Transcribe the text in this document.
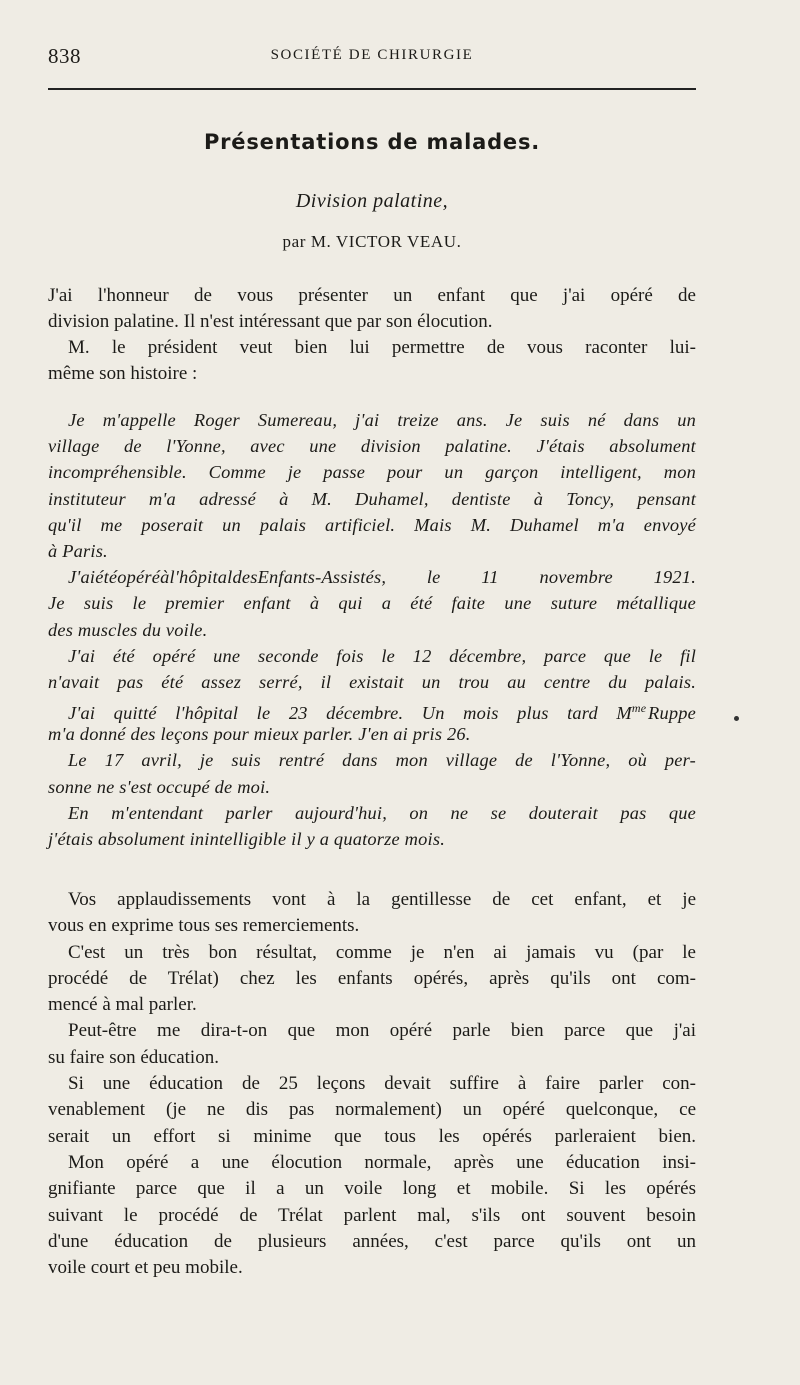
838	SOCIÉTÉ DE CHIRURGIE
Présentations de malades.
Division palatine,
par M. VICTOR VEAU.
J'ai l'honneur de vous présenter un enfant que j'ai opéré de
division palatine. Il n'est intéressant que par son élocution.
M. le président veut bien lui permettre de vous raconter lui-
même son histoire :
Je m'appelle Roger Sumereau, j'ai treize ans. Je suis né dans un
village de l'Yonne, avec une division palatine. J'étais absolument
incompréhensible. Comme je passe pour un garçon intelligent, mon
instituteur m'a adressé à M. Duhamel, dentiste à Toncy, pensant
qu'il me poserait un palais artificiel. Mais M. Duhamel m'a envoyé
à Paris.
J'aiétéopéréàl'hôpitaldesEnfants-Assistés, le 11 novembre 1921.
Je suis le premier enfant à qui a été faite une suture métallique
des muscles du voile.
J'ai été opéré une seconde fois le 12 décembre, parce que le fil
n'avait pas été assez serré, il existait un trou au centre du palais.
J'ai quitté l'hôpital le 23 décembre. Un mois plus tard $M^{me}$ Ruppe
m'a donné des leçons pour mieux parler. J'en ai pris 26.
Le 17 avril, je suis rentré dans mon village de l'Yonne, où per-
sonne ne s'est occupé de moi.
En m'entendant parler aujourd'hui, on ne se douterait pas que
j'étais absolument inintelligible il y a quatorze mois.
Vos applaudissements vont à la gentillesse de cet enfant, et je
vous en exprime tous ses remerciements.
C'est un très bon résultat, comme je n'en ai jamais vu (par le
procédé de Trélat) chez les enfants opérés, après qu'ils ont com-
mencé à mal parler.
Peut-être me dira-t-on que mon opéré parle bien parce que j'ai
su faire son éducation.
Si une éducation de 25 leçons devait suffire à faire parler con-
venablement (je ne dis pas normalement) un opéré quelconque, ce
serait un effort si minime que tous les opérés parleraient bien.
Mon opéré a une élocution normale, après une éducation insi-
gnifiante parce que il a un voile long et mobile. Si les opérés
suivant le procédé de Trélat parlent mal, s'ils ont souvent besoin
d'une éducation de plusieurs années, c'est parce qu'ils ont un
voile court et peu mobile.
